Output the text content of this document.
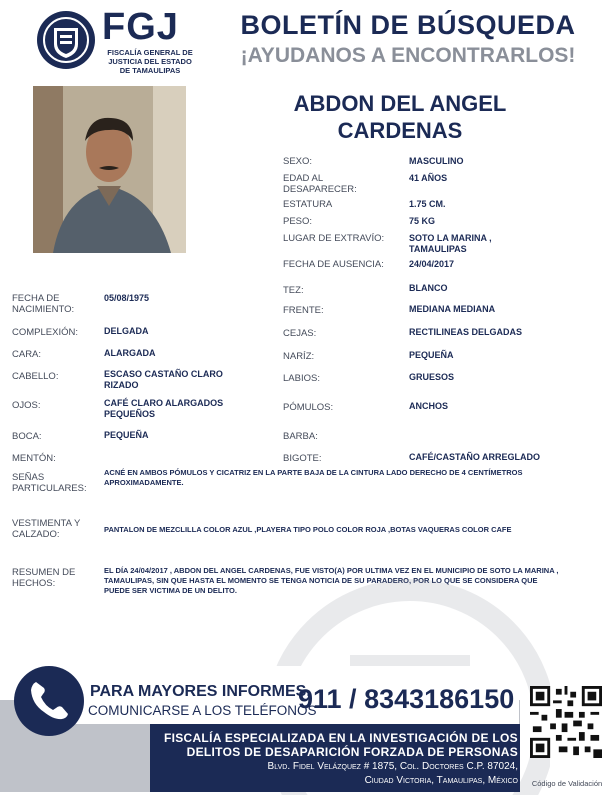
FGJ
FISCALÍA GENERAL DE JUSTICIA DEL ESTADO DE TAMAULIPAS
BOLETÍN DE BÚSQUEDA
¡AYUDANOS A ENCONTRARLOS!
ABDON DEL ANGEL CARDENAS
SEXO:	MASCULINO
EDAD AL DESAPARECER:
41 AÑOS
ESTATURA	1.75 CM.
PESO:	75 KG
LUGAR DE EXTRAVÍO:	SOTO LA MARINA , TAMAULIPAS
FECHA DE AUSENCIA:	24/04/2017
TEZ:	BLANCO
FRENTE:	MEDIANA MEDIANA
CEJAS:	RECTILINEAS DELGADAS
NARÍZ:	PEQUEÑA
LABIOS:	GRUESOS
PÓMULOS:	ANCHOS
BARBA:
BIGOTE:	CAFÉ/CASTAÑO ARREGLADO
FECHA DE NACIMIENTO:
05/08/1975
COMPLEXIÓN:	DELGADA
CARA:	ALARGADA
CABELLO:	ESCASO CASTAÑO CLARO RIZADO
OJOS:	CAFÉ CLARO ALARGADOS PEQUEÑOS
BOCA:	PEQUEÑA
MENTÓN:
SEÑAS PARTICULARES:
ACNÉ EN AMBOS PÓMULOS Y CICATRIZ EN LA PARTE BAJA DE LA CINTURA LADO DERECHO DE 4 CENTÍMETROS APROXIMADAMENTE.
VESTIMENTA Y CALZADO:	PANTALON DE MEZCLILLA COLOR AZUL ,PLAYERA TIPO POLO COLOR ROJA ,BOTAS VAQUERAS COLOR CAFE
RESUMEN DE HECHOS:
EL DÍA 24/04/2017 , ABDON DEL ANGEL CARDENAS, FUE VISTO(A) POR ULTIMA VEZ EN EL MUNICIPIO DE SOTO LA MARINA , TAMAULIPAS, SIN QUE HASTA EL MOMENTO SE TENGA NOTICIA DE SU PARADERO, POR LO QUE SE CONSIDERA QUE PUEDE SER VICTIMA DE UN DELITO.
PARA MAYORES INFORMES,
COMUNICARSE A LOS TELÉFONOS
911 / 8343186150
FISCALÍA ESPECIALIZADA EN LA INVESTIGACIÓN DE LOS
DELITOS DE DESAPARICIÓN FORZADA DE PERSONAS
Blvd. Fidel Velázquez # 1875, Col. Doctores C.P. 87024,
Ciudad Victoria, Tamaulipas, México	Código de Validación
